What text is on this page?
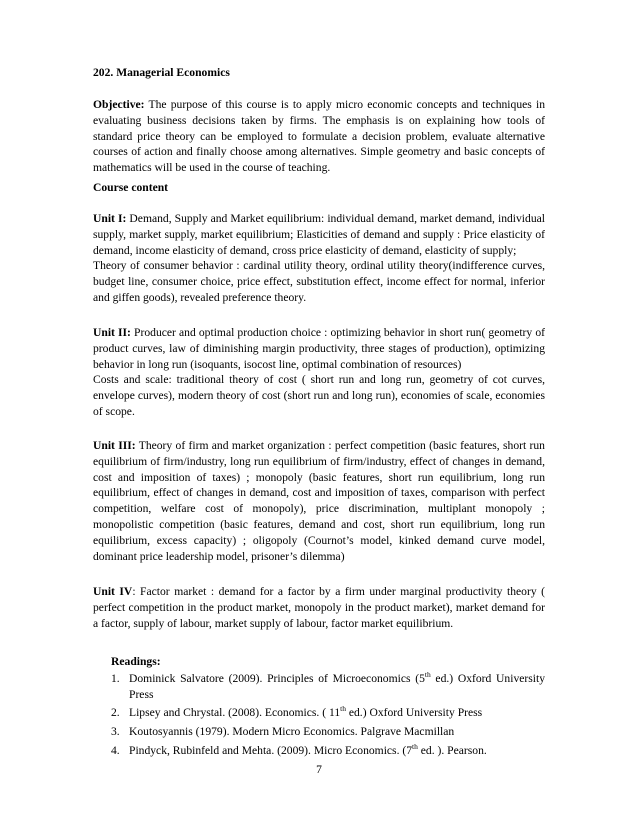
202. Managerial Economics
Objective: The purpose of this course is to apply micro economic concepts and techniques in evaluating business decisions taken by firms. The emphasis is on explaining how tools of standard price theory can be employed to formulate a decision problem, evaluate alternative courses of action and finally choose among alternatives. Simple geometry and basic concepts of mathematics will be used in the course of teaching.
Course content
Unit I: Demand, Supply and Market equilibrium: individual demand, market demand, individual supply, market supply, market equilibrium; Elasticities of demand and supply : Price elasticity of demand, income elasticity of demand, cross price elasticity of demand, elasticity of supply;
Theory of consumer behavior : cardinal utility theory, ordinal utility theory(indifference curves, budget line, consumer choice, price effect, substitution effect, income effect for normal, inferior and giffen goods), revealed preference theory.
Unit II: Producer and optimal production choice : optimizing behavior in short run( geometry of product curves, law of diminishing margin productivity, three stages of production), optimizing behavior in long run (isoquants, isocost line, optimal combination of resources)
Costs and scale: traditional theory of cost ( short run and long run, geometry of cot curves, envelope curves), modern theory of cost (short run and long run), economies of scale, economies of scope.
Unit III: Theory of firm and market organization : perfect competition (basic features, short run equilibrium of firm/industry, long run equilibrium of firm/industry, effect of changes in demand, cost and imposition of taxes) ; monopoly (basic features, short run equilibrium, long run equilibrium, effect of changes in demand, cost and imposition of taxes, comparison with perfect competition, welfare cost of monopoly), price discrimination, multiplant monopoly ; monopolistic competition (basic features, demand and cost, short run equilibrium, long run equilibrium, excess capacity) ; oligopoly (Cournot’s model, kinked demand curve model, dominant price leadership model, prisoner’s dilemma)
Unit IV: Factor market : demand for a factor by a firm under marginal productivity theory ( perfect competition in the product market, monopoly in the product market), market demand for a factor, supply of labour, market supply of labour, factor market equilibrium.
Readings:
1. Dominick Salvatore (2009). Principles of Microeconomics (5th ed.) Oxford University Press
2. Lipsey and Chrystal. (2008). Economics. ( 11th ed.) Oxford University Press
3. Koutosyannis (1979). Modern Micro Economics. Palgrave Macmillan
4. Pindyck, Rubinfeld and Mehta. (2009). Micro Economics. (7th ed. ). Pearson.
7
